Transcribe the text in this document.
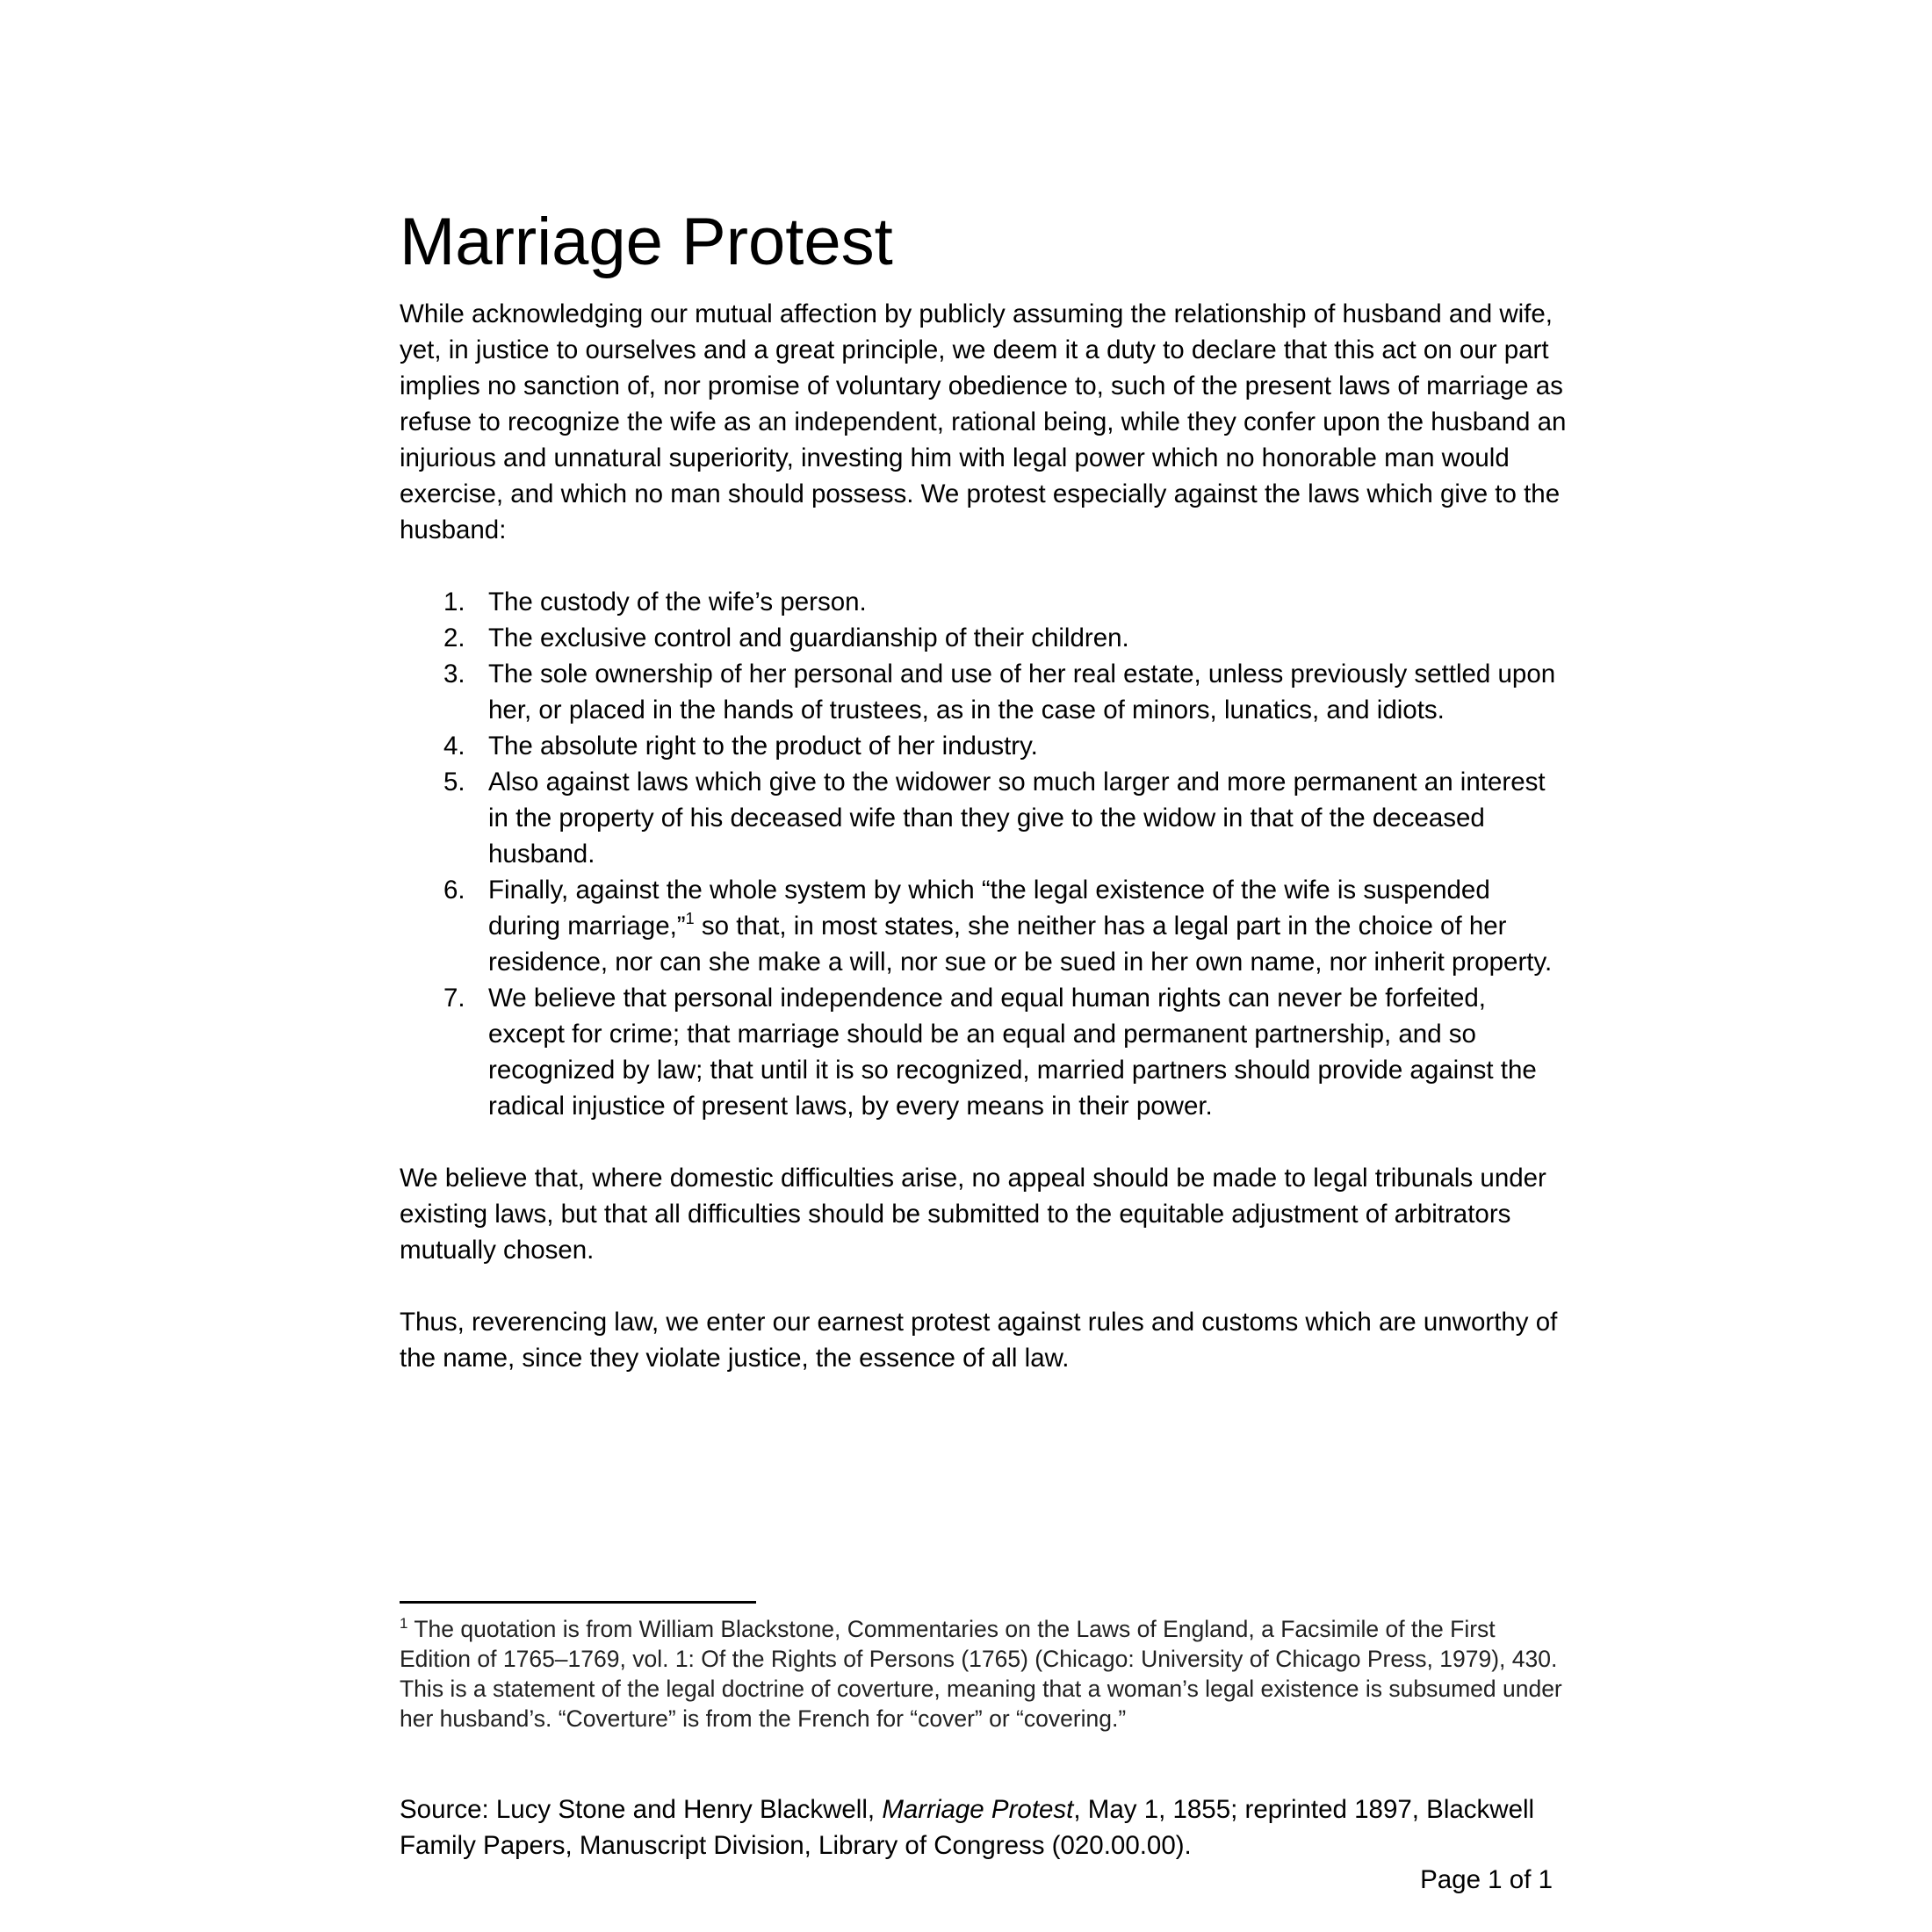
Marriage Protest

While acknowledging our mutual affection by publicly assuming the relationship of husband and wife, yet, in justice to ourselves and a great principle, we deem it a duty to declare that this act on our part implies no sanction of, nor promise of voluntary obedience to, such of the present laws of marriage as refuse to recognize the wife as an independent, rational being, while they confer upon the husband an injurious and unnatural superiority, investing him with legal power which no honorable man would exercise, and which no man should possess. We protest especially against the laws which give to the husband:

1. The custody of the wife’s person.
2. The exclusive control and guardianship of their children.
3. The sole ownership of her personal and use of her real estate, unless previously settled upon her, or placed in the hands of trustees, as in the case of minors, lunatics, and idiots.
4. The absolute right to the product of her industry.
5. Also against laws which give to the widower so much larger and more permanent an interest in the property of his deceased wife than they give to the widow in that of the deceased husband.
6. Finally, against the whole system by which “the legal existence of the wife is suspended during marriage,”$^1$ so that, in most states, she neither has a legal part in the choice of her residence, nor can she make a will, nor sue or be sued in her own name, nor inherit property.
7. We believe that personal independence and equal human rights can never be forfeited, except for crime; that marriage should be an equal and permanent partnership, and so recognized by law; that until it is so recognized, married partners should provide against the radical injustice of present laws, by every means in their power.

We believe that, where domestic difficulties arise, no appeal should be made to legal tribunals under existing laws, but that all difficulties should be submitted to the equitable adjustment of arbitrators mutually chosen.

Thus, reverencing law, we enter our earnest protest against rules and customs which are unworthy of the name, since they violate justice, the essence of all law.

$^1$ The quotation is from William Blackstone, Commentaries on the Laws of England, a Facsimile of the First Edition of 1765–1769, vol. 1: Of the Rights of Persons (1765) (Chicago: University of Chicago Press, 1979), 430. This is a statement of the legal doctrine of coverture, meaning that a woman’s legal existence is subsumed under her husband’s. “Coverture” is from the French for “cover” or “covering.”
Source: Lucy Stone and Henry Blackwell, Marriage Protest, May 1, 1855; reprinted 1897, Blackwell Family Papers, Manuscript Division, Library of Congress (020.00.00).
Page 1 of 1
